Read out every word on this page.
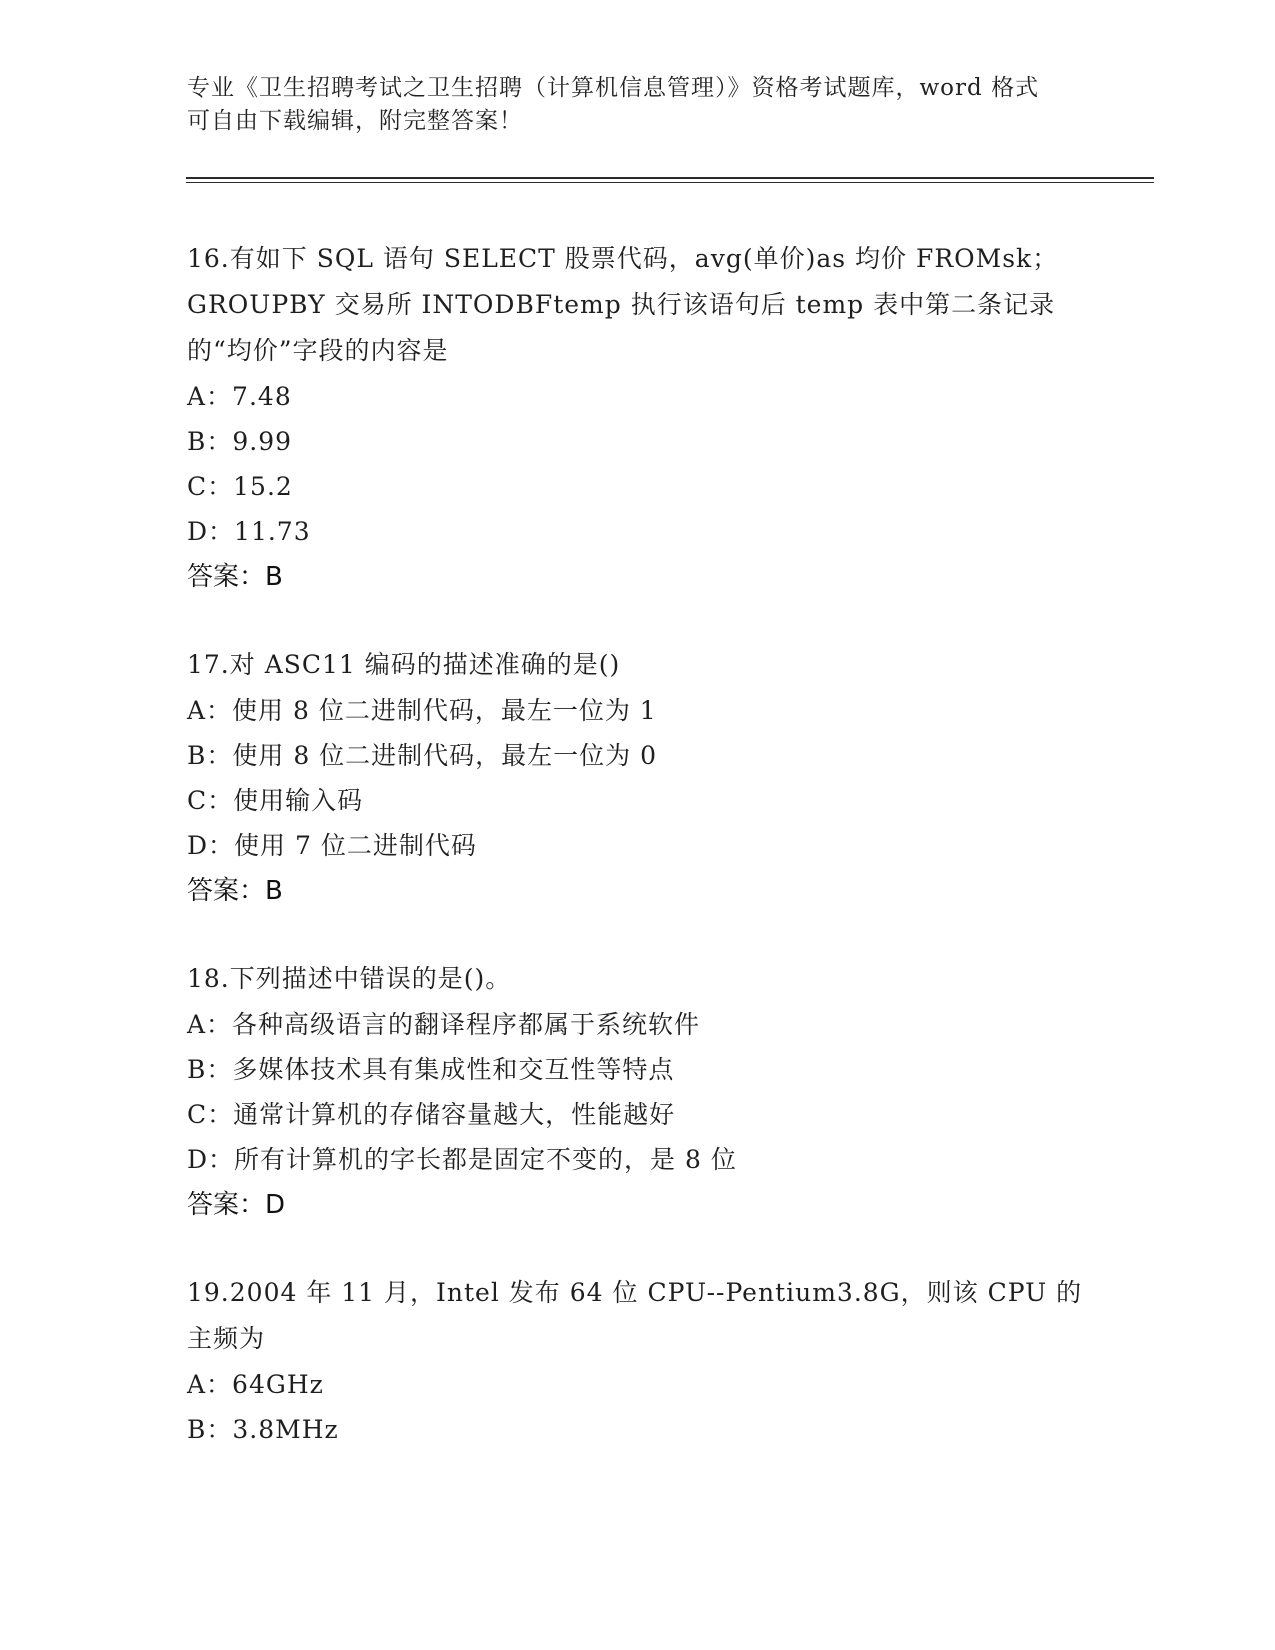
专业《卫生招聘考试之卫生招聘（计算机信息管理）》资格考试题库，word 格式
可自由下载编辑，附完整答案！
16.有如下 SQL 语句 SELECT 股票代码，avg(单价)as 均价 FROMsk；GROUPBY 交易所 INTODBFtemp 执行该语句后 temp 表中第二条记录的“均价”字段的内容是
A：7.48
B：9.99
C：15.2
D：11.73
答案：B
17.对 ASC11 编码的描述准确的是()
A：使用 8 位二进制代码，最左一位为 1
B：使用 8 位二进制代码，最左一位为 0
C：使用输入码
D：使用 7 位二进制代码
答案：B
18.下列描述中错误的是()。
A：各种高级语言的翻译程序都属于系统软件
B：多媒体技术具有集成性和交互性等特点
C：通常计算机的存储容量越大，性能越好
D：所有计算机的字长都是固定不变的，是 8 位
答案：D
19.2004 年 11 月，Intel 发布 64 位 CPU--Pentium3.8G，则该 CPU 的主频为
A：64GHz
B：3.8MHz
